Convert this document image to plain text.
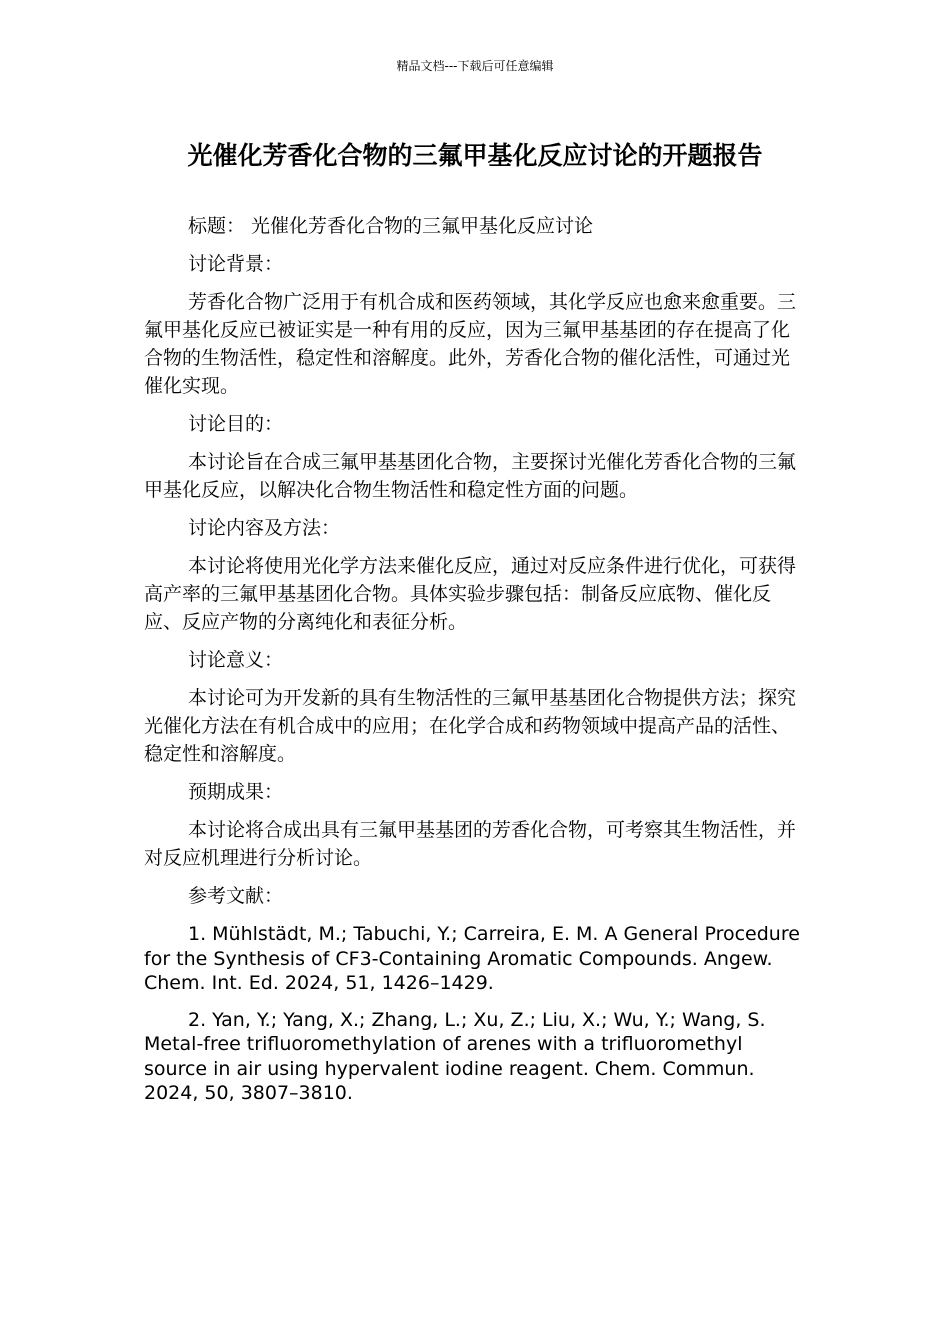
精品文档---下载后可任意编辑
光催化芳香化合物的三氟甲基化反应讨论的开题报告

标题： 光催化芳香化合物的三氟甲基化反应讨论

讨论背景：

芳香化合物广泛用于有机合成和医药领域，其化学反应也愈来愈重要。三氟甲基化反应已被证实是一种有用的反应，因为三氟甲基基团的存在提高了化合物的生物活性，稳定性和溶解度。此外，芳香化合物的催化活性，可通过光催化实现。

讨论目的：

本讨论旨在合成三氟甲基基团化合物，主要探讨光催化芳香化合物的三氟甲基化反应，以解决化合物生物活性和稳定性方面的问题。

讨论内容及方法：

本讨论将使用光化学方法来催化反应，通过对反应条件进行优化，可获得高产率的三氟甲基基团化合物。具体实验步骤包括：制备反应底物、催化反应、反应产物的分离纯化和表征分析。

讨论意义：

本讨论可为开发新的具有生物活性的三氟甲基基团化合物提供方法；探究光催化方法在有机合成中的应用；在化学合成和药物领域中提高产品的活性、稳定性和溶解度。

预期成果：

本讨论将合成出具有三氟甲基基团的芳香化合物，可考察其生物活性，并对反应机理进行分析讨论。

参考文献：

1. Mühlstädt, M.; Tabuchi, Y.; Carreira, E. M. A General Procedure for the Synthesis of CF3-Containing Aromatic Compounds. Angew. Chem. Int. Ed. 2024, 51, 1426–1429.

2. Yan, Y.; Yang, X.; Zhang, L.; Xu, Z.; Liu, X.; Wu, Y.; Wang, S. Metal-free trifluoromethylation of arenes with a trifluoromethyl source in air using hypervalent iodine reagent. Chem. Commun. 2024, 50, 3807–3810.
